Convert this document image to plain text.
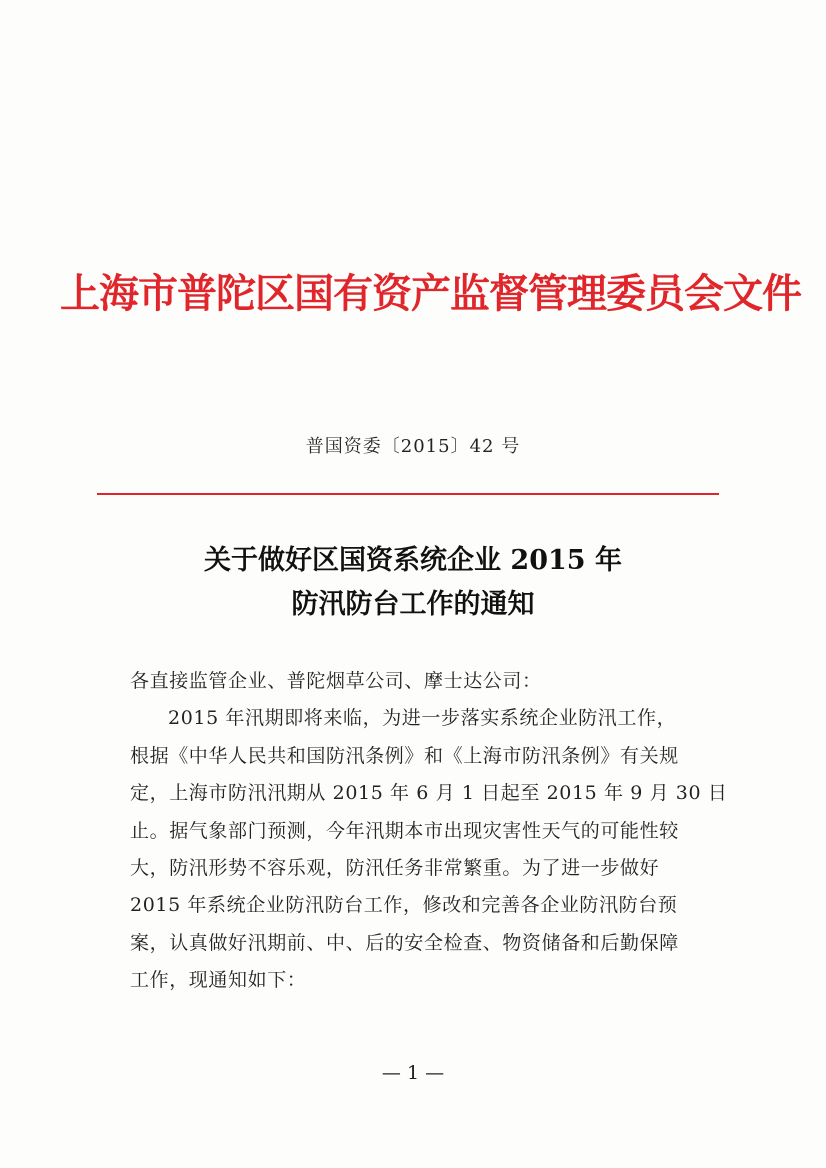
上海市普陀区国有资产监督管理委员会文件
普国资委〔2015〕42 号
关于做好区国资系统企业 2015 年
防汛防台工作的通知
各直接监管企业、普陀烟草公司、摩士达公司：
2015 年汛期即将来临，为进一步落实系统企业防汛工作，
根据《中华人民共和国防汛条例》和《上海市防汛条例》有关规
定，上海市防汛汛期从 2015 年 6 月 1 日起至 2015 年 9 月 30 日
止。据气象部门预测，今年汛期本市出现灾害性天气的可能性较
大，防汛形势不容乐观，防汛任务非常繁重。为了进一步做好
2015 年系统企业防汛防台工作，修改和完善各企业防汛防台预
案，认真做好汛期前、中、后的安全检查、物资储备和后勤保障
工作，现通知如下：
— 1 —
